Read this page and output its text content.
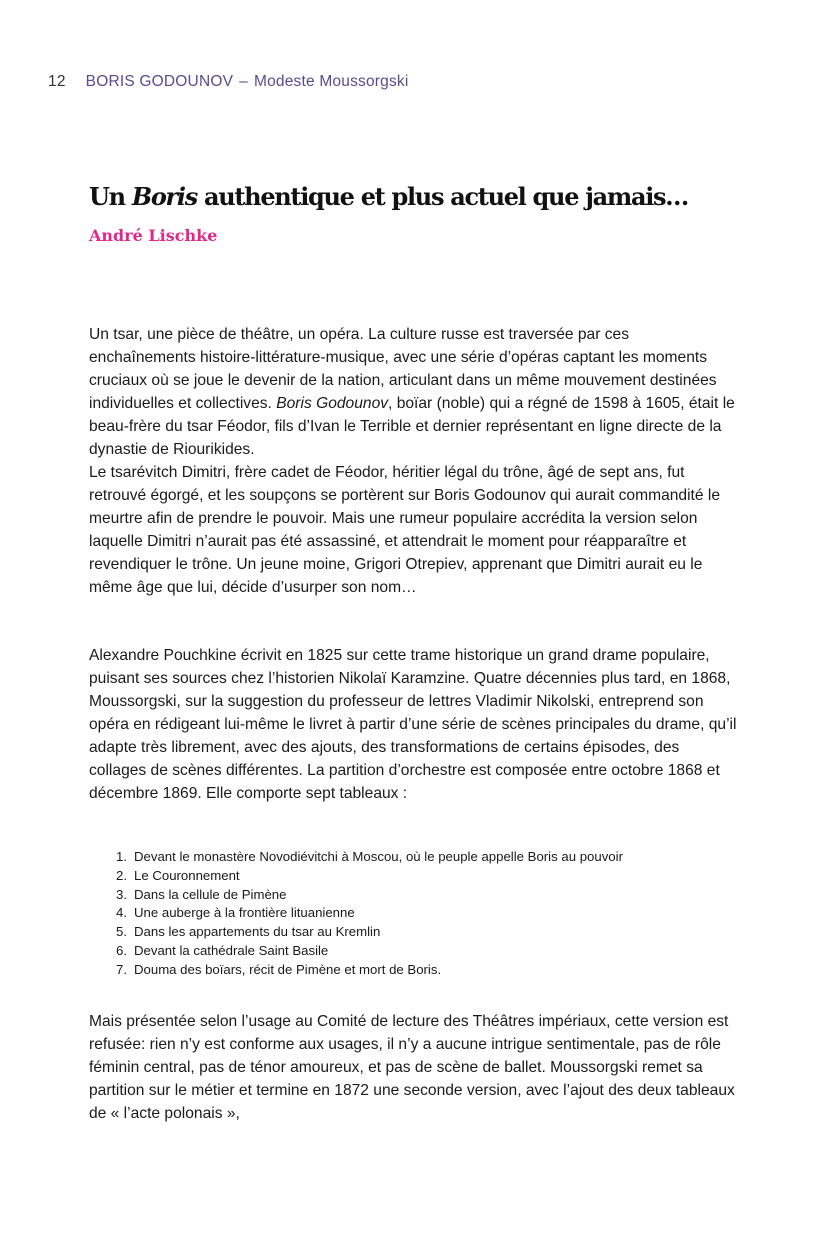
12 BORIS GODOUNOV – Modeste Moussorgski
Un Boris authentique et plus actuel que jamais…
André Lischke

Un tsar, une pièce de théâtre, un opéra. La culture russe est traversée par ces enchaînements histoire-littérature-musique, avec une série d’opéras captant les moments cruciaux où se joue le devenir de la nation, articulant dans un même mouvement destinées individuelles et collectives. Boris Godounov, boïar (noble) qui a régné de 1598 à 1605, était le beau-frère du tsar Féodor, fils d’Ivan le Terrible et dernier représentant en ligne directe de la dynastie de Riourikides.

Le tsarévitch Dimitri, frère cadet de Féodor, héritier légal du trône, âgé de sept ans, fut retrouvé égorgé, et les soupçons se portèrent sur Boris Godounov qui aurait commandité le meurtre afin de prendre le pouvoir. Mais une rumeur populaire accrédita la version selon laquelle Dimitri n’aurait pas été assassiné, et attendrait le moment pour réapparaître et revendiquer le trône. Un jeune moine, Grigori Otrepiev, apprenant que Dimitri aurait eu le même âge que lui, décide d’usurper son nom…

Alexandre Pouchkine écrivit en 1825 sur cette trame historique un grand drame populaire, puisant ses sources chez l’historien Nikolaï Karamzine. Quatre décennies plus tard, en 1868, Moussorgski, sur la suggestion du professeur de lettres Vladimir Nikolski, entreprend son opéra en rédigeant lui-même le livret à partir d’une série de scènes principales du drame, qu’il adapte très librement, avec des ajouts, des transformations de certains épisodes, des collages de scènes différentes. La partition d’orchestre est composée entre octobre 1868 et décembre 1869. Elle comporte sept tableaux :

1. Devant le monastère Novodiévitchi à Moscou, où le peuple appelle Boris au pouvoir
2. Le Couronnement
3. Dans la cellule de Pimène
4. Une auberge à la frontière lituanienne
5. Dans les appartements du tsar au Kremlin
6. Devant la cathédrale Saint Basile
7. Douma des boïars, récit de Pimène et mort de Boris.

Mais présentée selon l’usage au Comité de lecture des Théâtres impériaux, cette version est refusée: rien n’y est conforme aux usages, il n’y a aucune intrigue sentimentale, pas de rôle féminin central, pas de ténor amoureux, et pas de scène de ballet. Moussorgski remet sa partition sur le métier et termine en 1872 une seconde version, avec l’ajout des deux tableaux de « l’acte polonais »,
